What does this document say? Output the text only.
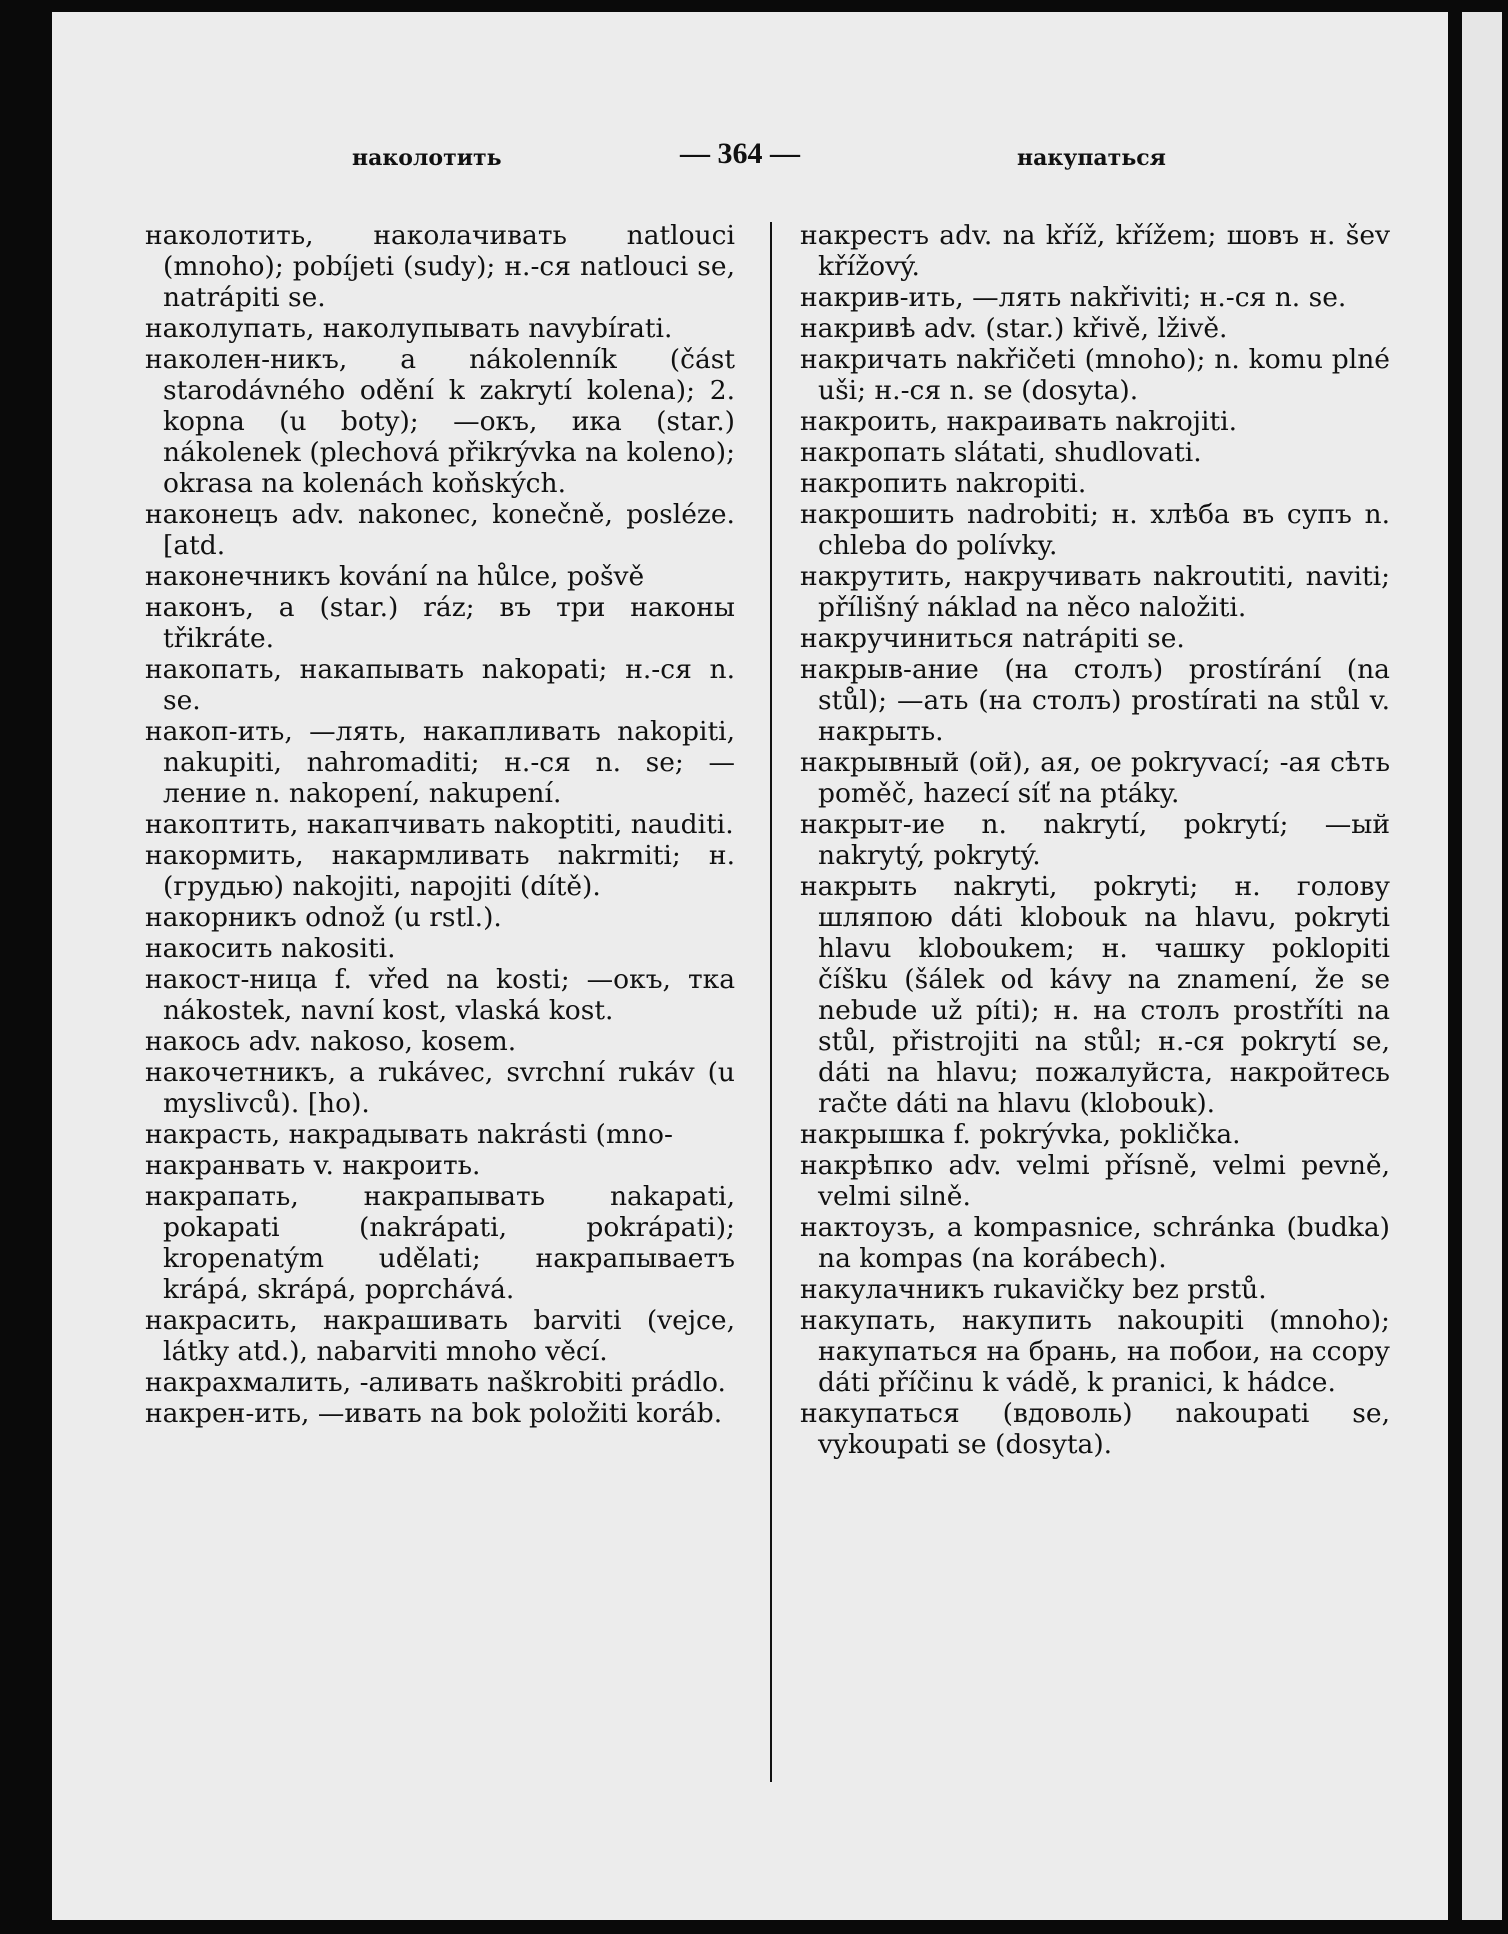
наколотить	— 364 —	накупаться

наколотить, наколачивать natlouci (mnoho); pobíjeti (sudy); н.-ся natlouci se, natrápiti se.

наколупать, наколупывать navybírati.

наколен-никъ, a nákolenník (část starodávného odění k zakrytí kolena); 2. kopna (u boty); —окъ, ика (star.) nákolenek (plechová přikrývka na koleno); okrasa na kolenách koňských.

наконецъ adv. nakonec, konečně, posléze. [atd.

наконечникъ kování na hůlce, pošvě

наконъ, a (star.) ráz; въ три наконы třikráte.

накопать, накапывать nakopati; н.-ся n. se.

накоп-ить, —лять, накапливать nakopiti, nakupiti, nahromaditi; н.-ся n. se; —ление n. nakopení, nakupení.

накоптить, накапчивать nakoptiti, nauditi.

накормить, накармливать nakrmiti; н. (грудью) nakojiti, napojiti (dítě).

накорникъ odnož (u rstl.).

накосить nakositi.

накост-ница f. vřed na kosti; —окъ, тка nákostek, navní kost, vlaská kost.

накось adv. nakoso, kosem.

накочетникъ, a rukávec, svrchní rukáv (u myslivců). [ho).

накрасть, накрадывать nakrásti (mno-

накранвать v. накроить.

накрапать, накрапывать nakapati, pokapati (nakrápati, pokrápati); kropenatým udělati; накрапываетъ krápá, skrápá, poprchává.

накрасить, накрашивать barviti (vejce, látky atd.), nabarviti mnoho věcí.

накрахмалить, -аливать naškrobiti prádlo.

накрен-ить, —ивать na bok položiti koráb.

накрестъ adv. na kříž, křížem; шовъ н. šev křížový.

накрив-ить, —лять nakřiviti; н.-ся n. se.

накривѣ adv. (star.) křivě, lživě.

накричать nakřičeti (mnoho); n. komu plné uši; н.-ся n. se (dosyta).

накроить, накраивать nakrojiti.

накропать slátati, shudlovati.

накропить nakropiti.

накрошить nadrobiti; н. хлѣба въ супъ n. chleba do polívky.

накрутить, накручивать nakroutiti, naviti; přílišný náklad na něco naložiti.

накручиниться natrápiti se.

накрыв-ание (на столъ) prostírání (na stůl); —ать (на столъ) prostírati na stůl v. накрыть.

накрывный (ой), ая, ое pokryvací; -ая сѣть poměč, hazecí síť na ptáky.

накрыт-ие n. nakrytí, pokrytí; —ый nakrytý, pokrytý.

накрыть nakryti, pokryti; н. голову шляпою dáti klobouk na hlavu, pokryti hlavu kloboukem; н. чашку poklopiti číšku (šálek od kávy na znamení, že se nebude už píti); н. на столъ prostříti na stůl, přistrojiti na stůl; н.-ся pokrytí se, dáti na hlavu; пожалуйста, накройтесь račte dáti na hlavu (klobouk).

накрышка f. pokrývka, poklička.

накрѣпко adv. velmi přísně, velmi pevně, velmi silně.

нактоузъ, a kompasnice, schránka (budka) na kompas (na korábech).

накулачникъ rukavičky bez prstů.

накупать, накупить nakoupiti (mnoho); накупаться на брань, на побои, на ссору dáti příčinu k vádě, k pranici, k hádce.

накупаться (вдоволь) nakoupati se, vykoupati se (dosyta).
